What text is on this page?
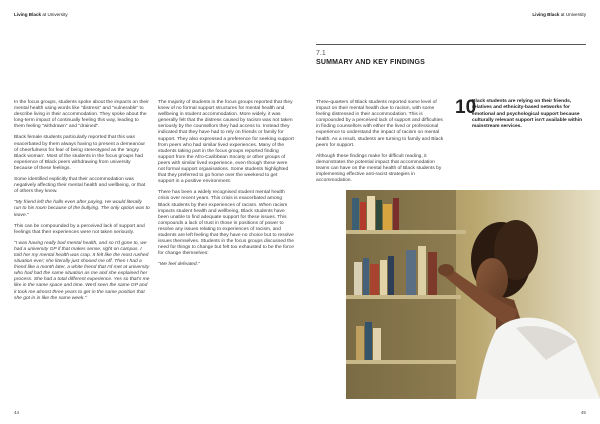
Living Black at University

In the focus groups, students spoke about the impacts on their mental health using words like "distress" and "vulnerable" to describe living in their accommodation. They spoke about the long-term impact of continually feeling this way, leading to them feeling "withdrawn" and "drained".

Black female students particularly reported that this was exacerbated by them always having to present a demeanour of cheerfulness for fear of being stereotyped as the 'angry Black woman'. Most of the students in the focus groups had experience of Black peers withdrawing from university because of these feelings.

Some identified explicitly that their accommodation was negatively affecting their mental health and wellbeing, or that of others they knew.

"My friend left the halls even after paying. He would literally run to his room because of the bullying. The only option was to leave."

This can be compounded by a perceived lack of support and feelings that their experiences were not taken seriously.

"I was having really bad mental health, and so I'd gone to, we had a university GP if that makes sense, right on campus. I told her my mental health was crap. It felt like the most rushed situation ever; she literally just shooed me off. Then I had a friend like a month later, a white friend that I'd met at university who had had the same situation as me and she explained her process. She had a total different experience. Yes so that's me like in the same space and time. We'd seen the same GP and it took me almost three years to get in the same position that she got in in like the same week."

The majority of students in the focus groups reported that they knew of no formal support structures for mental health and wellbeing in student accommodation. More widely, it was generally felt that the distress caused by racism was not taken seriously by the counsellors they had access to. Instead they indicated that they have had to rely on friends or family for support. They also expressed a preference for seeking support from peers who had similar lived experiences. Many of the students taking part in the focus groups reported finding support from the Afro-Caribbean Society or other groups of peers with similar lived experience, even though these were not formal support organisations. Some students highlighted that they preferred to go home over the weekend to get support in a positive environment.

There has been a widely recognised student mental health crisis over recent years. This crisis is exacerbated among Black students by their experiences of racism. When racism impacts student health and wellbeing, Black students have been unable to find adequate support for these issues. This compounds a lack of trust in those in positions of power to resolve any issues relating to experiences of racism, and students are left feeling that they have no choice but to resolve issues themselves. Students in the focus groups discussed the need for things to change but felt too exhausted to be the force for change themselves:

"We feel defeated."

44
Living Black at University
45
7.1
SUMMARY AND KEY FINDINGS

Three-quarters of Black students reported some level of impact on their mental health due to racism, with some feeling distressed in their accommodation. This is compounded by a perceived lack of support and difficulties in finding counsellors with either the lived or professional experience to understand the impact of racism on mental health. As a result, students are turning to family and Black peers for support.

Although these findings make for difficult reading, it demonstrates the potential impact that accommodation teams can have on the mental health of Black students by implementing effective anti-racist strategies in accommodation.

10
Black students are relying on their friends, relatives and ethnicity-based networks for emotional and psychological support because culturally relevant support isn't available within mainstream services.
